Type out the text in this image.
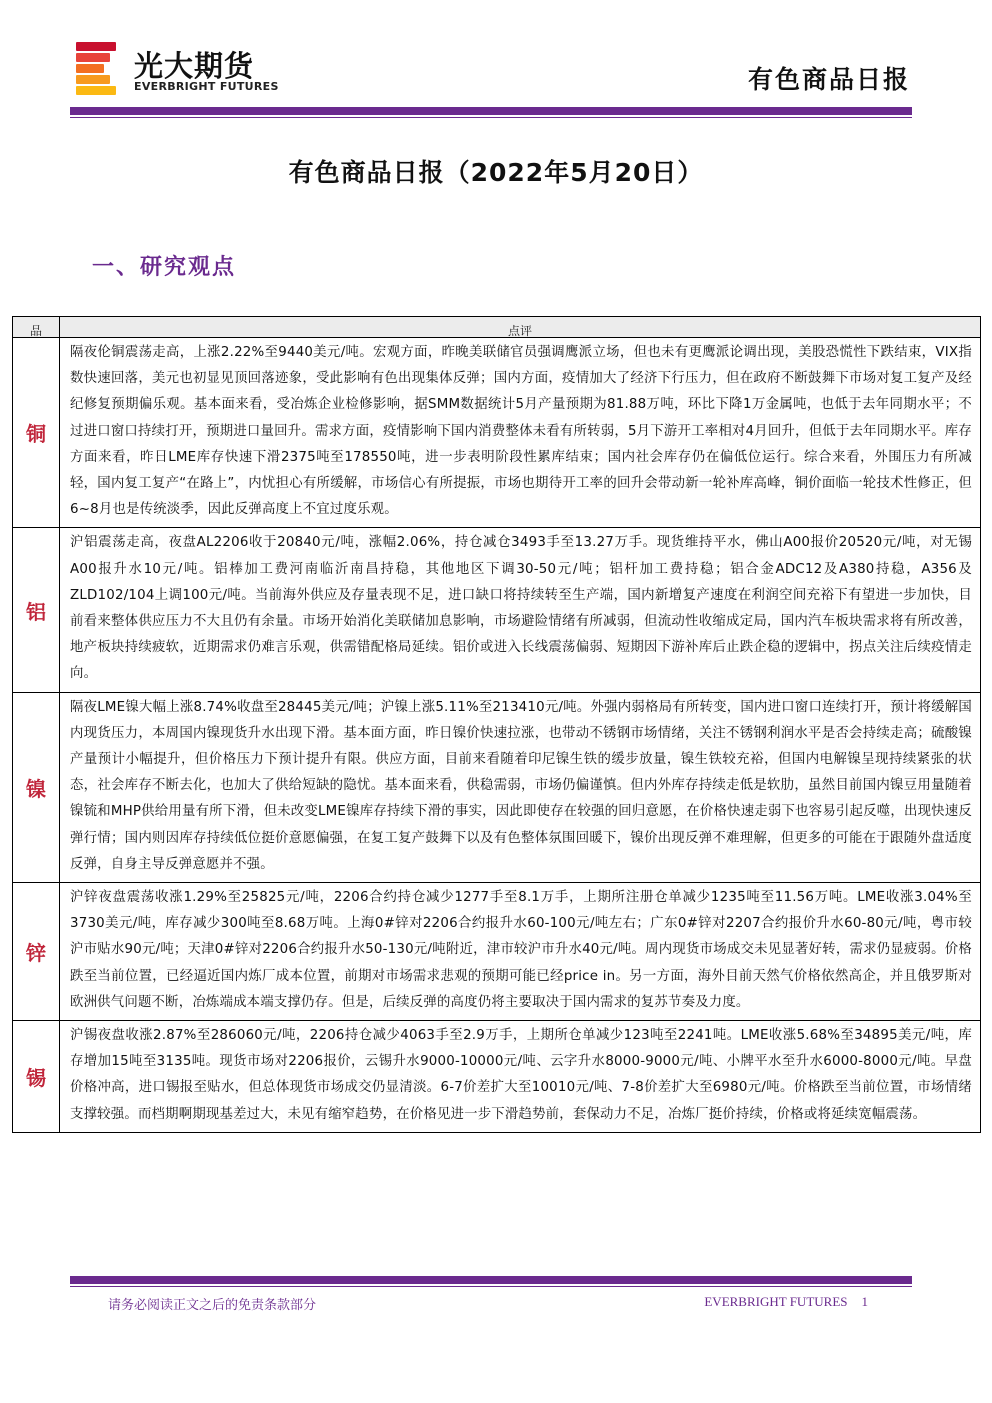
光大期货
EVERBRIGHT FUTURES	有色商品日报
有色商品日报（2022年5月20日）
一、研究观点
品	点评
铜	隔夜伦铜震荡走高，上涨2.22%至9440美元/吨。宏观方面，昨晚美联储官员强调鹰派立场，但也未有更鹰派论调出现，美股恐慌性下跌结束，VIX指数快速回落，美元也初显见顶回落迹象，受此影响有色出现集体反弹；国内方面，疫情加大了经济下行压力，但在政府不断鼓舞下市场对复工复产及经纪修复预期偏乐观。基本面来看，受冶炼企业检修影响，据SMM数据统计5月产量预期为81.88万吨，环比下降1万金属吨，也低于去年同期水平；不过进口窗口持续打开，预期进口量回升。需求方面，疫情影响下国内消费整体未看有所转弱，5月下游开工率相对4月回升，但低于去年同期水平。库存方面来看，昨日LME库存快速下滑2375吨至178550吨，进一步表明阶段性累库结束；国内社会库存仍在偏低位运行。综合来看，外围压力有所减轻，国内复工复产“在路上”，内忧担心有所缓解，市场信心有所提振，市场也期待开工率的回升会带动新一轮补库高峰，铜价面临一轮技术性修正，但6~8月也是传统淡季，因此反弹高度上不宜过度乐观。
铝	沪铝震荡走高，夜盘AL2206收于20840元/吨，涨幅2.06%，持仓减仓3493手至13.27万手。现货维持平水，佛山A00报价20520元/吨，对无锡A00报升水10元/吨。铝棒加工费河南临沂南昌持稳，其他地区下调30-50元/吨；铝杆加工费持稳；铝合金ADC12及A380持稳，A356及ZLD102/104上调100元/吨。当前海外供应及存量表现不足，进口缺口将持续转至生产端，国内新增复产速度在利润空间充裕下有望进一步加快，目前看来整体供应压力不大且仍有余量。市场开始消化美联储加息影响，市场避险情绪有所减弱，但流动性收缩成定局，国内汽车板块需求将有所改善，地产板块持续疲软，近期需求仍难言乐观，供需错配格局延续。铝价或进入长线震荡偏弱、短期因下游补库后止跌企稳的逻辑中，拐点关注后续疫情走向。
镍	隔夜LME镍大幅上涨8.74%收盘至28445美元/吨；沪镍上涨5.11%至213410元/吨。外强内弱格局有所转变，国内进口窗口连续打开，预计将缓解国内现货压力，本周国内镍现货升水出现下滑。基本面方面，昨日镍价快速拉涨，也带动不锈钢市场情绪，关注不锈钢利润水平是否会持续走高；硫酸镍产量预计小幅提升，但价格压力下预计提升有限。供应方面，目前来看随着印尼镍生铁的缓步放量，镍生铁较充裕，但国内电解镍呈现持续紧张的状态，社会库存不断去化，也加大了供给短缺的隐忧。基本面来看，供稳需弱，市场仍偏谨慎。但内外库存持续走低是软肋，虽然目前国内镍豆用量随着镍锍和MHP供给用量有所下滑，但未改变LME镍库存持续下滑的事实，因此即使存在较强的回归意愿，在价格快速走弱下也容易引起反噬，出现快速反弹行情；国内则因库存持续低位挺价意愿偏强，在复工复产鼓舞下以及有色整体氛围回暖下，镍价出现反弹不难理解，但更多的可能在于跟随外盘适度反弹，自身主导反弹意愿并不强。
锌	沪锌夜盘震荡收涨1.29%至25825元/吨，2206合约持仓减少1277手至8.1万手，上期所注册仓单减少1235吨至11.56万吨。LME收涨3.04%至3730美元/吨，库存减少300吨至8.68万吨。上海0#锌对2206合约报升水60-100元/吨左右；广东0#锌对2207合约报价升水60-80元/吨，粤市较沪市贴水90元/吨；天津0#锌对2206合约报升水50-130元/吨附近，津市较沪市升水40元/吨。周内现货市场成交未见显著好转，需求仍显疲弱。价格跌至当前位置，已经逼近国内炼厂成本位置，前期对市场需求悲观的预期可能已经price in。另一方面，海外目前天然气价格依然高企，并且俄罗斯对欧洲供气问题不断，冶炼端成本端支撑仍存。但是，后续反弹的高度仍将主要取决于国内需求的复苏节奏及力度。
锡	沪锡夜盘收涨2.87%至286060元/吨，2206持仓减少4063手至2.9万手，上期所仓单减少123吨至2241吨。LME收涨5.68%至34895美元/吨，库存增加15吨至3135吨。现货市场对2206报价，云锡升水9000-10000元/吨、云字升水8000-9000元/吨、小牌平水至升水6000-8000元/吨。早盘价格冲高，进口锡报至贴水，但总体现货市场成交仍显清淡。6-7价差扩大至10010元/吨、7-8价差扩大至6980元/吨。价格跌至当前位置，市场情绪支撑较强。而档期啊期现基差过大，未见有缩窄趋势，在价格见进一步下滑趋势前，套保动力不足，冶炼厂挺价持续，价格或将延续宽幅震荡。
请务必阅读正文之后的免责条款部分	EVERBRIGHT FUTURES 1
